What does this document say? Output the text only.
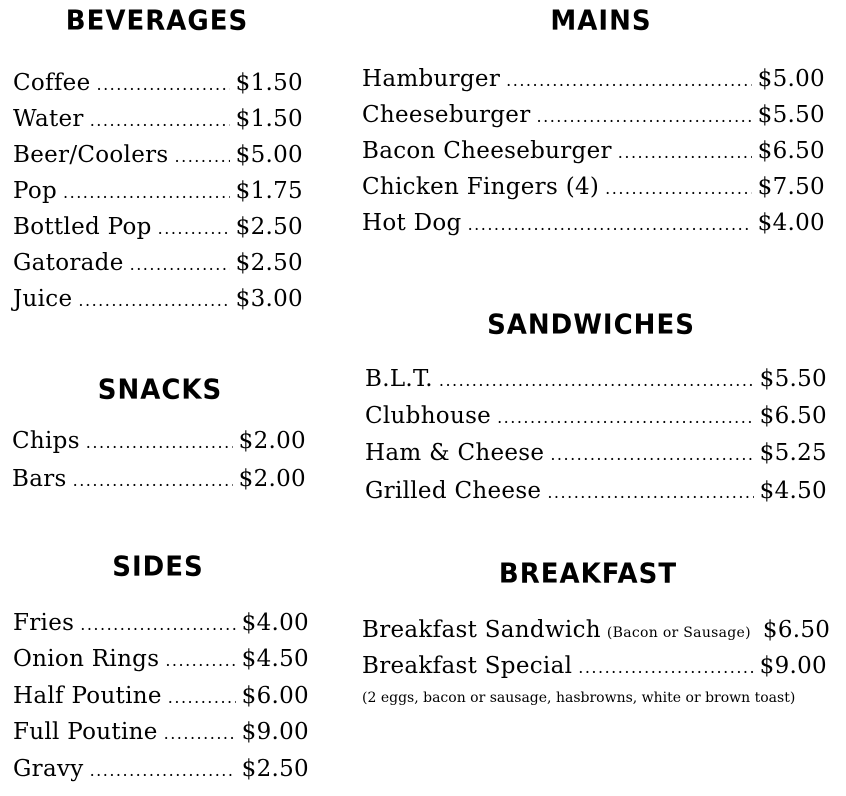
BEVERAGES
Coffee .....	$1.50
Water .....	$1.50
Beer/Coolers .....	$5.00
Pop .....	$1.75
Bottled Pop .....	$2.50
Gatorade .....	$2.50
Juice .....	$3.00
SNACKS
Chips .....	$2.00
Bars .....	$2.00
SIDES
Fries .....	$4.00
Onion Rings .....	$4.50
Half Poutine .....	$6.00
Full Poutine .....	$9.00
Gravy .....	$2.50
MAINS
Hamburger .....	$5.00
Cheeseburger .....	$5.50
Bacon Cheeseburger .....	$6.50
Chicken Fingers (4) .....	$7.50
Hot Dog .....	$4.00
SANDWICHES
B.L.T. .....	$5.50
Clubhouse .....	$6.50
Ham & Cheese .....	$5.25
Grilled Cheese .....	$4.50
BREAKFAST
Breakfast Sandwich (Bacon or Sausage) $6.50
Breakfast Special .....	$9.00
(2 eggs, bacon or sausage, hasbrowns, white or brown toast)
